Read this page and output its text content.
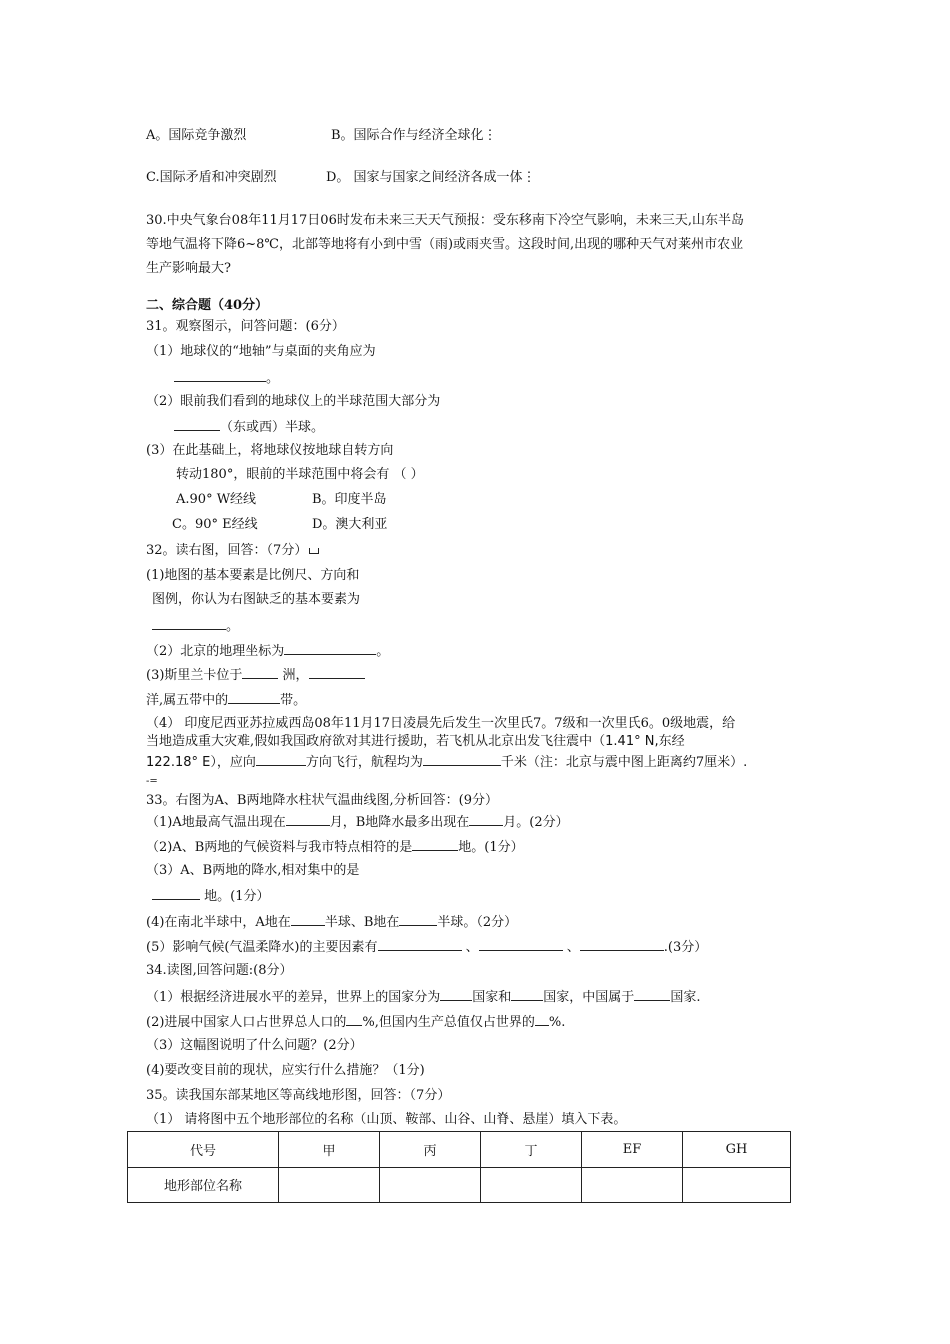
A。国际竞争激烈	B。国际合作与经济全球化⋮
C.国际矛盾和冲突剧烈	D。 国家与国家之间经济各成一体⋮
30.中央气象台08年11月17日06时发布未来三天天气预报：受东移南下冷空气影响，未来三天,山东半岛
等地气温将下降6~8℃，北部等地将有小到中雪（雨)或雨夹雪。这段时间,出现的哪种天气对莱州市农业
生产影响最大?
二、综合题（40分）
31。观察图示，问答问题：(6分）
（1）地球仪的“地轴”与桌面的夹角应为
。
（2）眼前我们看到的地球仪上的半球范围大部分为
（东或西）半球。
(3）在此基础上，将地球仪按地球自转方向
转动180°，眼前的半球范围中将会有 （ ）
A.90° W经线	B。印度半岛
C。90° E经线	D。澳大利亚
32。读右图，回答：（7分）
(1)地图的基本要素是比例尺、方向和
图例，你认为右图缺乏的基本要素为
。
（2）北京的地理坐标为	。
(3)斯里兰卡位于	洲，
洋,属五带中的	带。
（4） 印度尼西亚苏拉威西岛08年11月17日凌晨先后发生一次里氏7。7级和一次里氏6。0级地震，给
当地造成重大灾难,假如我国政府欲对其进行援助，若飞机从北京出发飞往震中（1.41° N,东经
122.18° E），应向	方向飞行，航程均为	千米（注：北京与震中图上距离约7厘米）.
-=
33。右图为A、B两地降水柱状气温曲线图,分析回答：(9分）
（1)A地最高气温出现在	月，B地降水最多出现在	月。(2分）
（2)A、B两地的气候资料与我市特点相符的是	地。(1分）
（3）A、B两地的降水,相对集中的是
地。(1分）
(4)在南北半球中，A地在	半球、B地在	半球。（2分）
(5）影响气候(气温柔降水)的主要因素有	、	、	.(3分）
34.读图,回答问题:(8分）
（1）根据经济进展水平的差异，世界上的国家分为 国家和 国家，中国属于	国家.
(2)进展中国家人口占世界总人口的 %,但国内生产总值仅占世界的 %.
（3）这幅图说明了什么问题？(2分）
(4)要改变目前的现状，应实行什么措施？（1分)
35。读我国东部某地区等高线地形图，回答：（7分）
（1） 请将图中五个地形部位的名称（山顶、鞍部、山谷、山脊、悬崖）填入下表。
代号	甲	丙	丁	EF	GH
地形部位名称					
